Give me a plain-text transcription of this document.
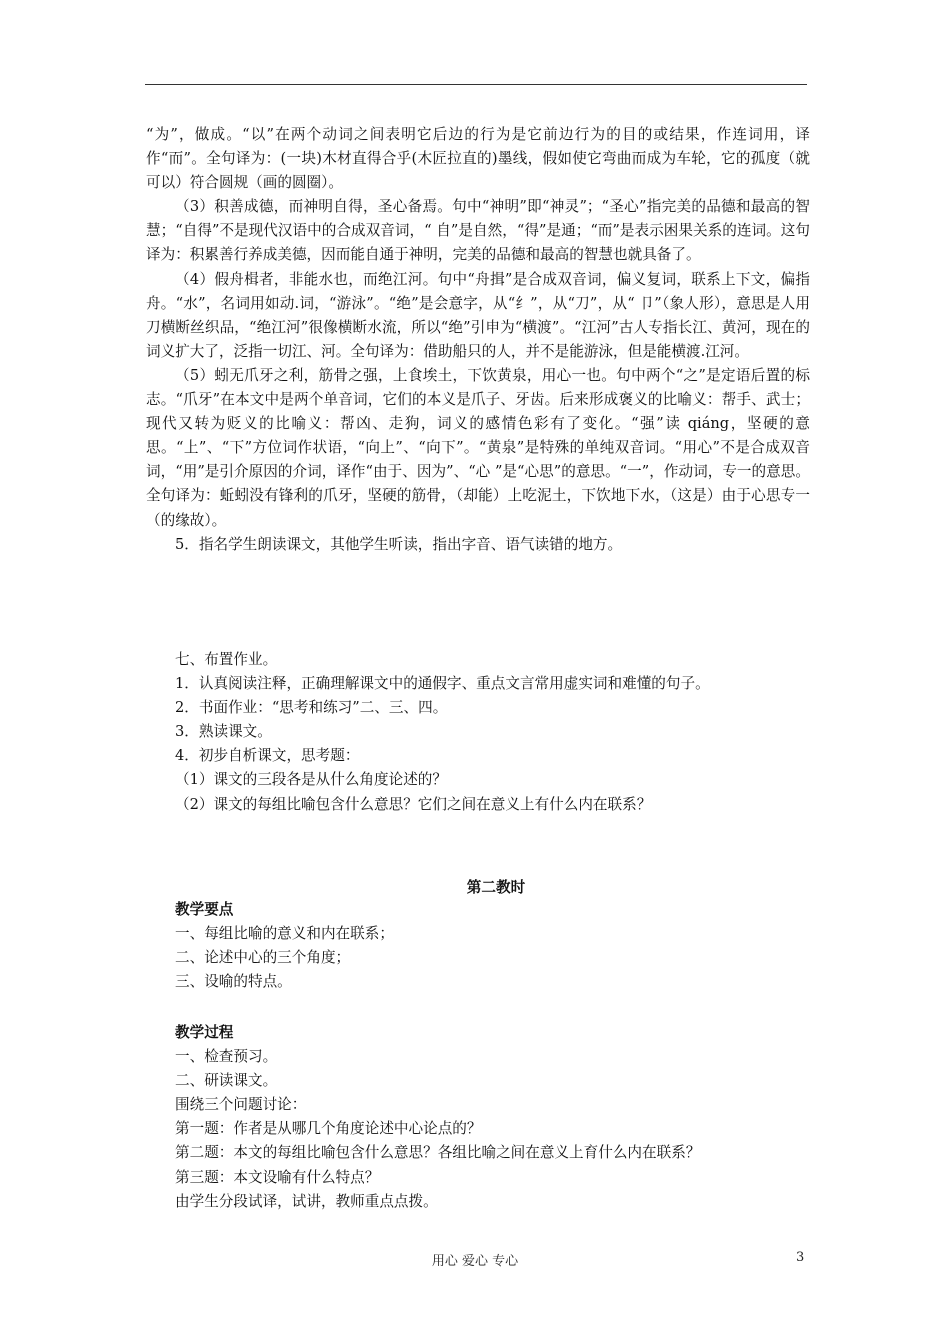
“为”，做成。“以”在两个动词之间表明它后边的行为是它前边行为的目的或结果，作连词用，译作“而”。全句译为：(一块)木材直得合乎(木匠拉直的)墨线，假如使它弯曲而成为车轮，它的孤度（就可以）符合圆规（画的圆圈）。

（3）积善成德，而神明自得，圣心备焉。句中“神明”即“神灵”；“圣心”指完美的品德和最高的智慧；“自得”不是现代汉语中的合成双音词，“ 自”是自然，“得”是通；“而”是表示困果关系的连词。这句译为：积累善行养成美德，因而能自通于神明，完美的品德和最高的智慧也就具备了。

（4）假舟楫者，非能水也，而绝江河。句中“舟揖”是合成双音词，偏义复词，联系上下文，偏指舟。“水”，名词用如动.词，“游泳”。“绝”是会意字，从“纟”，从“刀”，从“ 卩”（象人形），意思是人用刀横断丝织品，“绝江河”很像横断水流，所以“绝”引申为“横渡”。“江河”古人专指长江、黄河，现在的词义扩大了，泛指一切江、河。全句译为：借助船只的人，并不是能游泳，但是能横渡.江河。

（5）蚓无爪牙之利，筋骨之强，上食埃土，下饮黄泉，用心一也。句中两个“之”是定语后置的标志。“爪牙”在本文中是两个单音词，它们的本义是爪子、牙齿。后来形成褒义的比喻义：帮手、武士；现代又转为贬义的比喻义：帮凶、走狗，词义的感情色彩有了变化。“强”读 qiáng，坚硬的意思。“上”、“下”方位词作状语，“向上”、“向下”。“黄泉”是特殊的单纯双音词。“用心”不是合成双音词，“用”是引介原因的介词，译作“由于、因为”、“心 ”是“心思”的意思。“一”，作动词，专一的意思。全句译为：蚯蚓没有锋利的爪牙，坚硬的筋骨，（却能）上吃泥土，下饮地下水，（这是）由于心思专一（的缘故）。

5．指名学生朗读课文，其他学生听读，指出字音、语气读错的地方。

七、布置作业。

1．认真阅读注释，正确理解课文中的通假字、重点文言常用虚实词和难懂的句子。

2．书面作业：“思考和练习”二、三、四。

3．熟读课文。

4．初步自析课文，思考题：

（1）课文的三段各是从什么角度论述的？

（2）课文的每组比喻包含什么意思？它们之间在意义上有什么内在联系？

第二教时

教学要点

一、每组比喻的意义和内在联系；

二、论述中心的三个角度；

三、设喻的特点。

教学过程

一、检查预习。

二、研读课文。

围绕三个问题讨论：

第一题：作者是从哪几个角度论述中心论点的？

第二题：本文的每组比喻包含什么意思？各组比喻之间在意义上育什么内在联系？

第三题：本文设喻有什么特点？

由学生分段试译，试讲，教师重点点拨。

用心 爱心 专心	3
